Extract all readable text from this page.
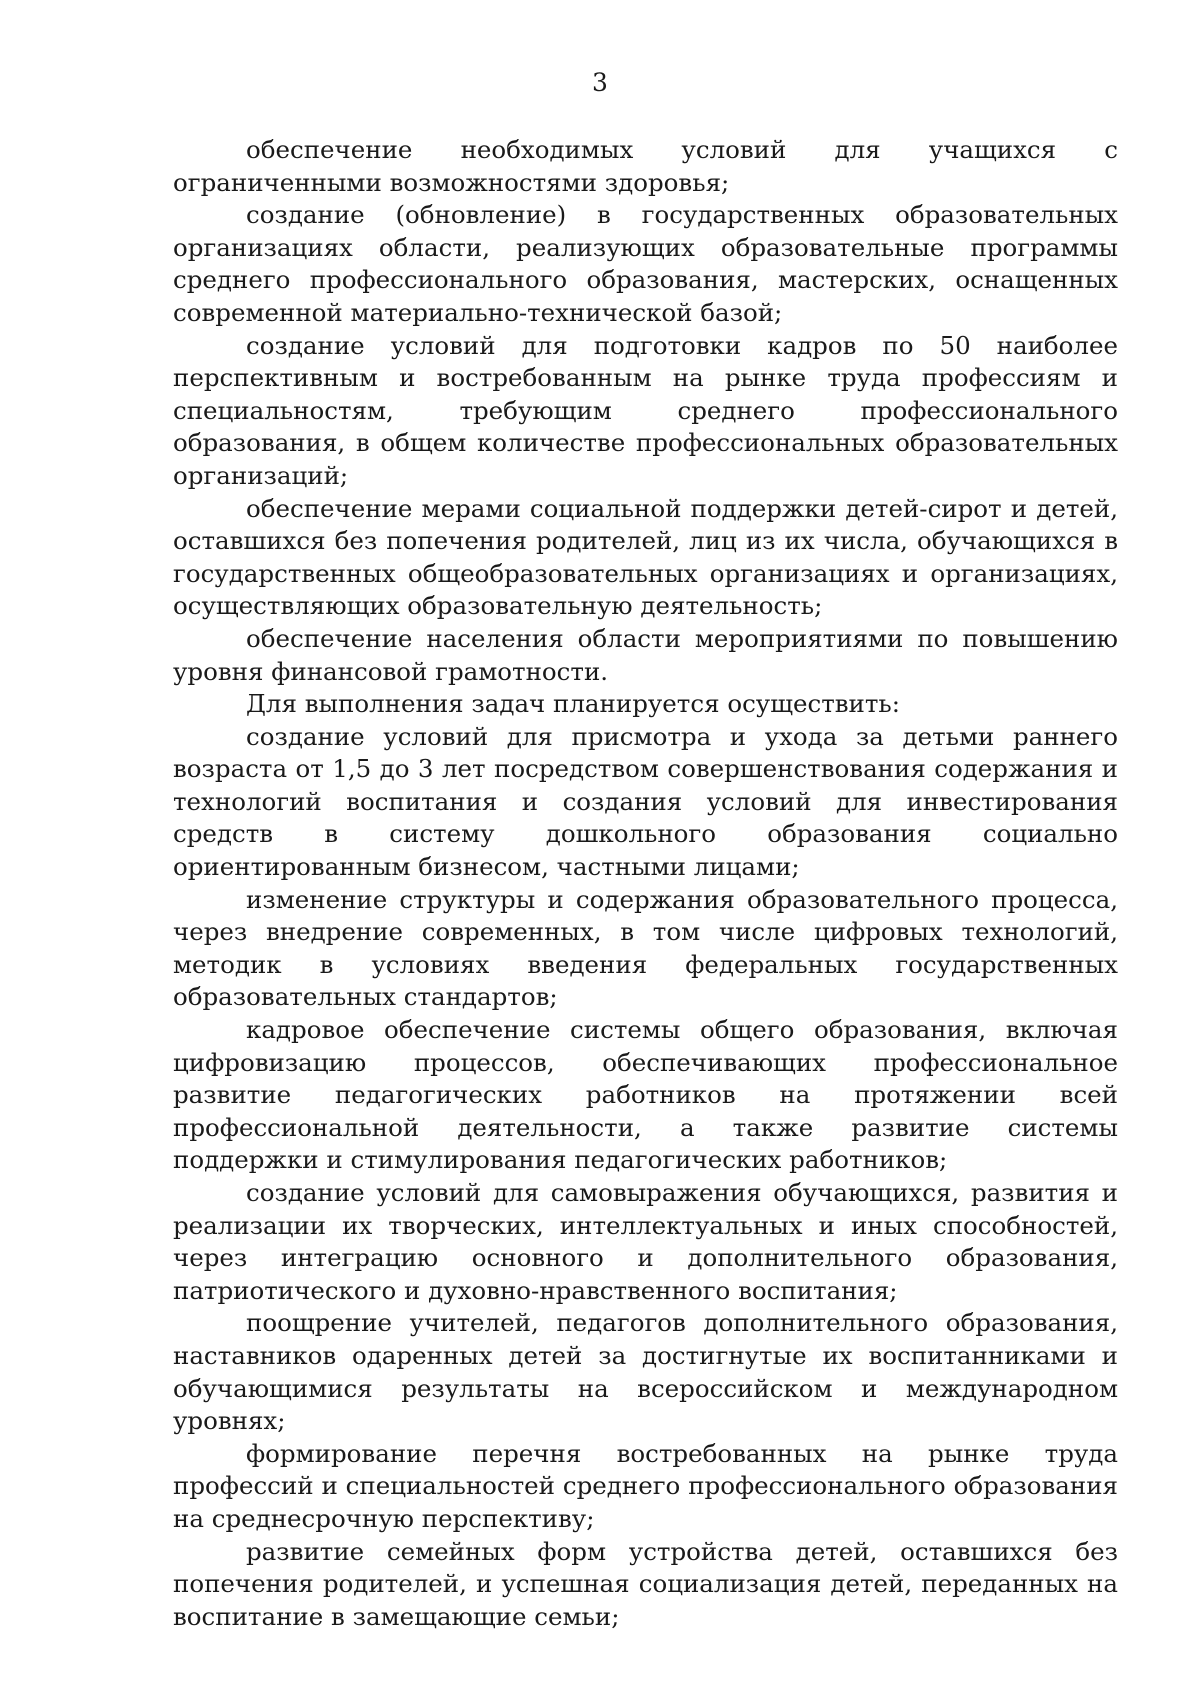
3

обеспечение необходимых условий для учащихся с ограниченными возможностями здоровья;

создание (обновление) в государственных образовательных организациях области, реализующих образовательные программы среднего профессионального образования, мастерских, оснащенных современной материально-технической базой;

создание условий для подготовки кадров по 50 наиболее перспективным и востребованным на рынке труда профессиям и специальностям, требующим среднего профессионального образования, в общем количестве профессиональных образовательных организаций;

обеспечение мерами социальной поддержки детей-сирот и детей, оставшихся без попечения родителей, лиц из их числа, обучающихся в государственных общеобразовательных организациях и организациях, осуществляющих образовательную деятельность;

обеспечение населения области мероприятиями по повышению уровня финансовой грамотности.

Для выполнения задач планируется осуществить:

создание условий для присмотра и ухода за детьми раннего возраста от 1,5 до 3 лет посредством совершенствования содержания и технологий воспитания и создания условий для инвестирования средств в систему дошкольного образования социально ориентированным бизнесом, частными лицами;

изменение структуры и содержания образовательного процесса, через внедрение современных, в том числе цифровых технологий, методик в условиях введения федеральных государственных образовательных стандартов;

кадровое обеспечение системы общего образования, включая цифровизацию процессов, обеспечивающих профессиональное развитие педагогических работников на протяжении всей профессиональной деятельности, а также развитие системы поддержки и стимулирования педагогических работников;

создание условий для самовыражения обучающихся, развития и реализации их творческих, интеллектуальных и иных способностей, через интеграцию основного и дополнительного образования, патриотического и духовно-нравственного воспитания;

поощрение учителей, педагогов дополнительного образования, наставников одаренных детей за достигнутые их воспитанниками и обучающимися результаты на всероссийском и международном уровнях;

формирование перечня востребованных на рынке труда профессий и специальностей среднего профессионального образования на среднесрочную перспективу;

развитие семейных форм устройства детей, оставшихся без попечения родителей, и успешная социализация детей, переданных на воспитание в замещающие семьи;
